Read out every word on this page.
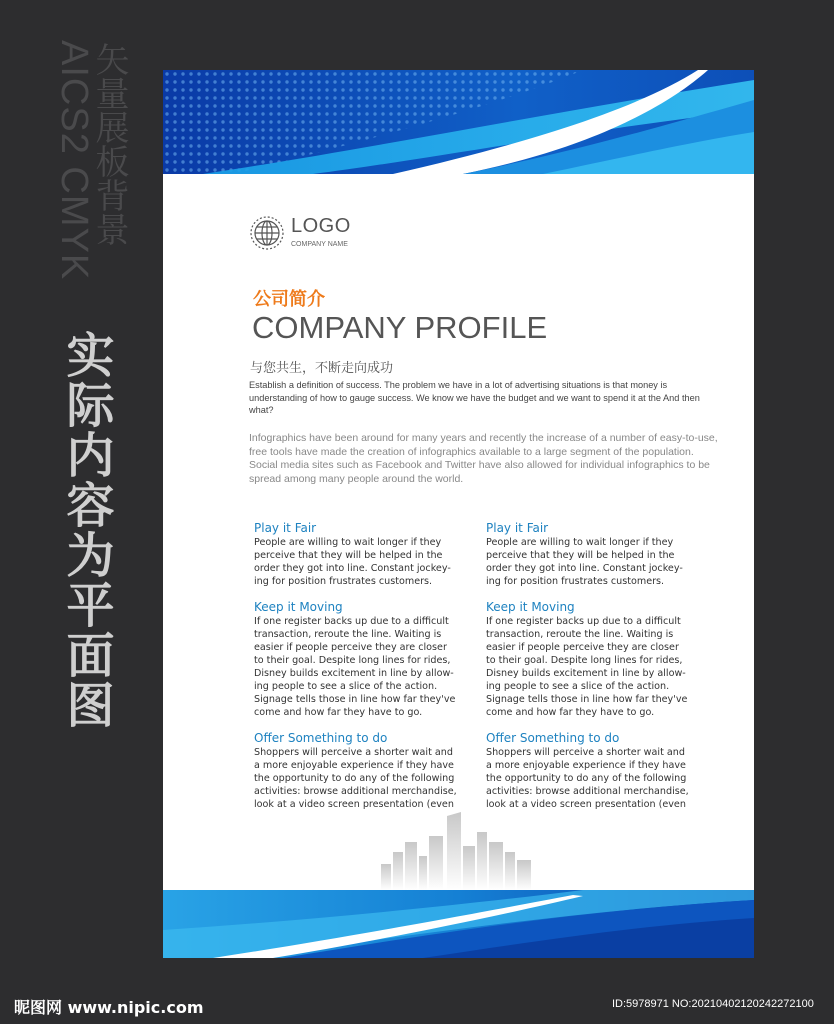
AICS2 CMYK
矢量展板背景
实际内容为平面图
LOGO
COMPANY NAME
公司简介
COMPANY PROFILE
与您共生，不断走向成功
Establish a definition of success. The problem we have in a lot of advertising situations is that money is understanding of how to gauge success. We know we have the budget and we want to spend it at the And then what?
Infographics have been around for many years and recently the increase of a number of easy-to-use, free tools have made the creation of infographics available to a large segment of the population. Social media sites such as Facebook and Twitter have also allowed for individual infographics to be spread among many people around the world.

Play it Fair

People are willing to wait longer if they
perceive that they will be helped in the
order they got into line. Constant jockey-
ing for position frustrates customers.

Keep it Moving

If one register backs up due to a difficult
transaction, reroute the line. Waiting is
easier if people perceive they are closer
to their goal. Despite long lines for rides,
Disney builds excitement in line by allow-
ing people to see a slice of the action.
Signage tells those in line how far they've
come and how far they have to go.

Offer Something to do

Shoppers will perceive a shorter wait and
a more enjoyable experience if they have
the opportunity to do any of the following
activities: browse additional merchandise,
look at a video screen presentation (even

Play it Fair

People are willing to wait longer if they
perceive that they will be helped in the
order they got into line. Constant jockey-
ing for position frustrates customers.

Keep it Moving

If one register backs up due to a difficult
transaction, reroute the line. Waiting is
easier if people perceive they are closer
to their goal. Despite long lines for rides,
Disney builds excitement in line by allow-
ing people to see a slice of the action.
Signage tells those in line how far they've
come and how far they have to go.

Offer Something to do

Shoppers will perceive a shorter wait and
a more enjoyable experience if they have
the opportunity to do any of the following
activities: browse additional merchandise,
look at a video screen presentation (even

昵图网 www.nipic.com	ID:5978971 NO:20210402120242272100
